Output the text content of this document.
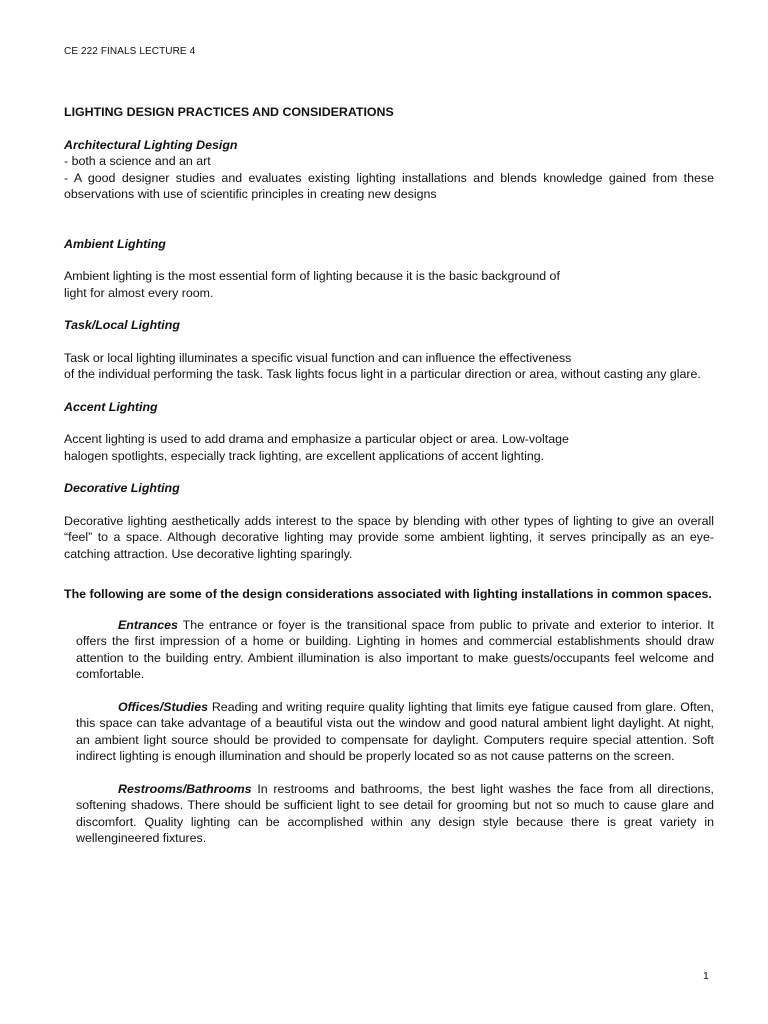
CE 222 FINALS LECTURE 4

LIGHTING DESIGN PRACTICES AND CONSIDERATIONS

Architectural Lighting Design

- both a science and an art

- A good designer studies and evaluates existing lighting installations and blends knowledge gained from these observations with use of scientific principles in creating new designs

Ambient Lighting

Ambient lighting is the most essential form of lighting because it is the basic background of

light for almost every room.

Task/Local Lighting

Task or local lighting illuminates a specific visual function and can influence the effectiveness

of the individual performing the task. Task lights focus light in a particular direction or area, without casting any glare.

Accent Lighting

Accent lighting is used to add drama and emphasize a particular object or area. Low-voltage

halogen spotlights, especially track lighting, are excellent applications of accent lighting.

Decorative Lighting

Decorative lighting aesthetically adds interest to the space by blending with other types of lighting to give an overall “feel” to a space. Although decorative lighting may provide some ambient lighting, it serves principally as an eye-catching attraction. Use decorative lighting sparingly.

The following are some of the design considerations associated with lighting installations in common spaces.

Entrances The entrance or foyer is the transitional space from public to private and exterior to interior. It offers the first impression of a home or building. Lighting in homes and commercial establishments should draw attention to the building entry. Ambient illumination is also important to make guests/occupants feel welcome and comfortable.

Offices/Studies Reading and writing require quality lighting that limits eye fatigue caused from glare. Often, this space can take advantage of a beautiful vista out the window and good natural ambient light daylight. At night, an ambient light source should be provided to compensate for daylight. Computers require special attention. Soft indirect lighting is enough illumination and should be properly located so as not cause patterns on the screen.

Restrooms/Bathrooms In restrooms and bathrooms, the best light washes the face from all directions, softening shadows. There should be sufficient light to see detail for grooming but not so much to cause glare and discomfort. Quality lighting can be accomplished within any design style because there is great variety in wellengineered fixtures.

1
